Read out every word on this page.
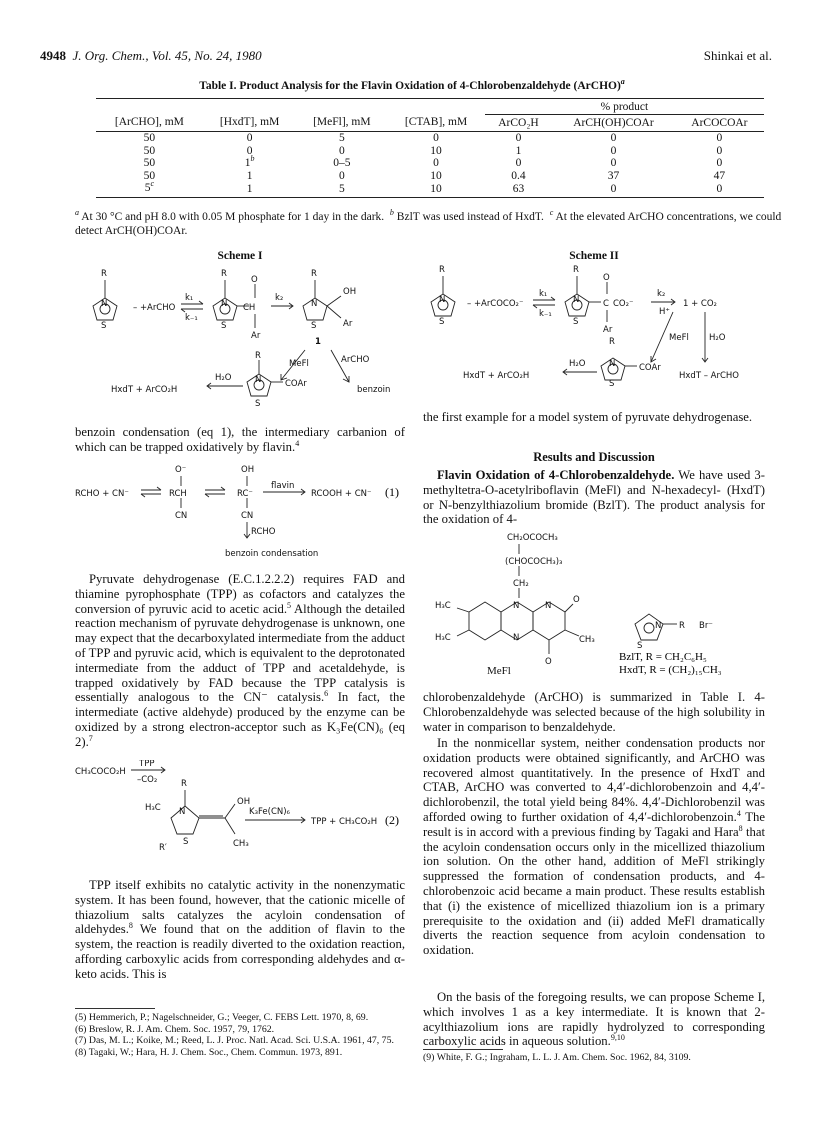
4948 J. Org. Chem., Vol. 45, No. 24, 1980	Shinkai et al.
Table I. Product Analysis for the Flavin Oxidation of 4-Chlorobenzaldehyde (ArCHO)$^a$
				% product		
[ArCHO], mM	[HxdT], mM	[MeFl], mM	[CTAB], mM	ArCO₂H	ArCH(OH)COAr	ArCOCOAr
50	0	5	0	0	0	0
50	0	0	10	1	0	0
50	1$^b$	0–5	0	0	0	0
50	1	0	10	0.4	37	47
5$^c$	1	5	10	63	0	0
$^a$ At 30 °C and pH 8.0 with 0.05 M phosphate for 1 day in the dark. $^b$ BzlT was used instead of HxdT. $^c$ At the elevated ArCHO concentrations, we could detect ArCH(OH)COAr.
Scheme I
R
N
S
– + ArCHO
k₁
k₋₁
R
N
S
O
CH
Ar
k₂
R
N
S
OH
Ar
1
MeFl	ArCHO
R
N
S
COAr
HxdT + ArCO₂H
H₂O
benzoin
Scheme II
R
N
S
– + ArCOCO₂⁻
k₁
k₋₁
R
N
S
O
C CO₂⁻
Ar
k₂
H⁺
1 + CO₂
MeFl H₂O
R
N
S
COAr
HxdT + ArCO₂H
H₂O
HxdT – ArCHO
benzoin condensation (eq 1), the intermediary carbanion of which can be trapped oxidatively by flavin.$^4$
RCHO + CN⁻
O⁻
RCH
CN
OH
RC⁻
CN
flavin
RCOOH + CN⁻
RCHO
benzoin condensation
(1)

Pyruvate dehydrogenase (E.C.1.2.2.2) requires FAD and thiamine pyrophosphate (TPP) as cofactors and catalyzes the conversion of pyruvic acid to acetic acid.$^5$ Although the detailed reaction mechanism of pyruvate dehydrogenase is unknown, one may expect that the decarboxylated intermediate from the adduct of TPP and pyruvic acid, which is equivalent to the deprotonated intermediate from the adduct of TPP and acetaldehyde, is trapped oxidatively by FAD because the TPP catalysis is essentially analogous to the CN⁻ catalysis.$^6$ In fact, the intermediate (active aldehyde) produced by the enzyme can be oxidized by a strong electron-acceptor such as K₃Fe(CN)₆ (eq 2).$^7$

CH₃COCO₂H
TPP
–CO₂	R
H₃C N
S
R′
OH
CH₃
K₃Fe(CN)₆
TPP + CH₃CO₂H (2)

TPP itself exhibits no catalytic activity in the nonenzymatic system. It has been found, however, that the cationic micelle of thiazolium salts catalyzes the acyloin condensation of aldehydes.$^8$ We found that on the addition of flavin to the system, the reaction is readily diverted to the oxidation reaction, affording carboxylic acids from corresponding aldehydes and α-keto acids. This is

(5) Hemmerich, P.; Nagelschneider, G.; Veeger, C. FEBS Lett. 1970, 8, 69.
(6) Breslow, R. J. Am. Chem. Soc. 1957, 79, 1762.
(7) Das, M. L.; Koike, M.; Reed, L. J. Proc. Natl. Acad. Sci. U.S.A. 1961, 47, 75.
(8) Tagaki, W.; Hara, H. J. Chem. Soc., Chem. Commun. 1973, 891.
the first example for a model system of pyruvate dehydrogenase.
Results and Discussion

Flavin Oxidation of 4-Chlorobenzaldehyde. We have used 3-methyltetra-O-acetylriboflavin (MeFl) and N-hexadecyl- (HxdT) or N-benzylthiazolium bromide (BzlT). The product analysis for the oxidation of 4-

CH₂OCOCH₃
(CHOCOCH₃)₃
CH₂
H₃C
H₃C
N
N
N
O
CH₃
O
MeFl
S
N R Br⁻
BzlT, R = CH₂C₆H₅
HxdT, R = (CH₂)₁₅CH₃
chlorobenzaldehyde (ArCHO) is summarized in Table I. 4-Chlorobenzaldehyde was selected because of the high solubility in water in comparison to benzaldehyde.

In the nonmicellar system, neither condensation products nor oxidation products were obtained significantly, and ArCHO was recovered almost quantitatively. In the presence of HxdT and CTAB, ArCHO was converted to 4,4′-dichlorobenzoin and 4,4′-dichlorobenzil, the total yield being 84%. 4,4′-Dichlorobenzil was afforded owing to further oxidation of 4,4′-dichlorobenzoin.$^4$ The result is in accord with a previous finding by Tagaki and Hara$^8$ that the acyloin condensation occurs only in the micellized thiazolium ion solution. On the other hand, addition of MeFl strikingly suppressed the formation of condensation products, and 4-chlorobenzoic acid became a main product. These results establish that (i) the existence of micellized thiazolium ion is a primary prerequisite to the oxidation and (ii) added MeFl dramatically diverts the reaction sequence from acyloin condensation to oxidation.

On the basis of the foregoing results, we can propose Scheme I, which involves 1 as a key intermediate. It is known that 2-acylthiazolium ions are rapidly hydrolyzed to corresponding carboxylic acids in aqueous solution.$^{9,10}$

(9) White, F. G.; Ingraham, L. L. J. Am. Chem. Soc. 1962, 84, 3109.
